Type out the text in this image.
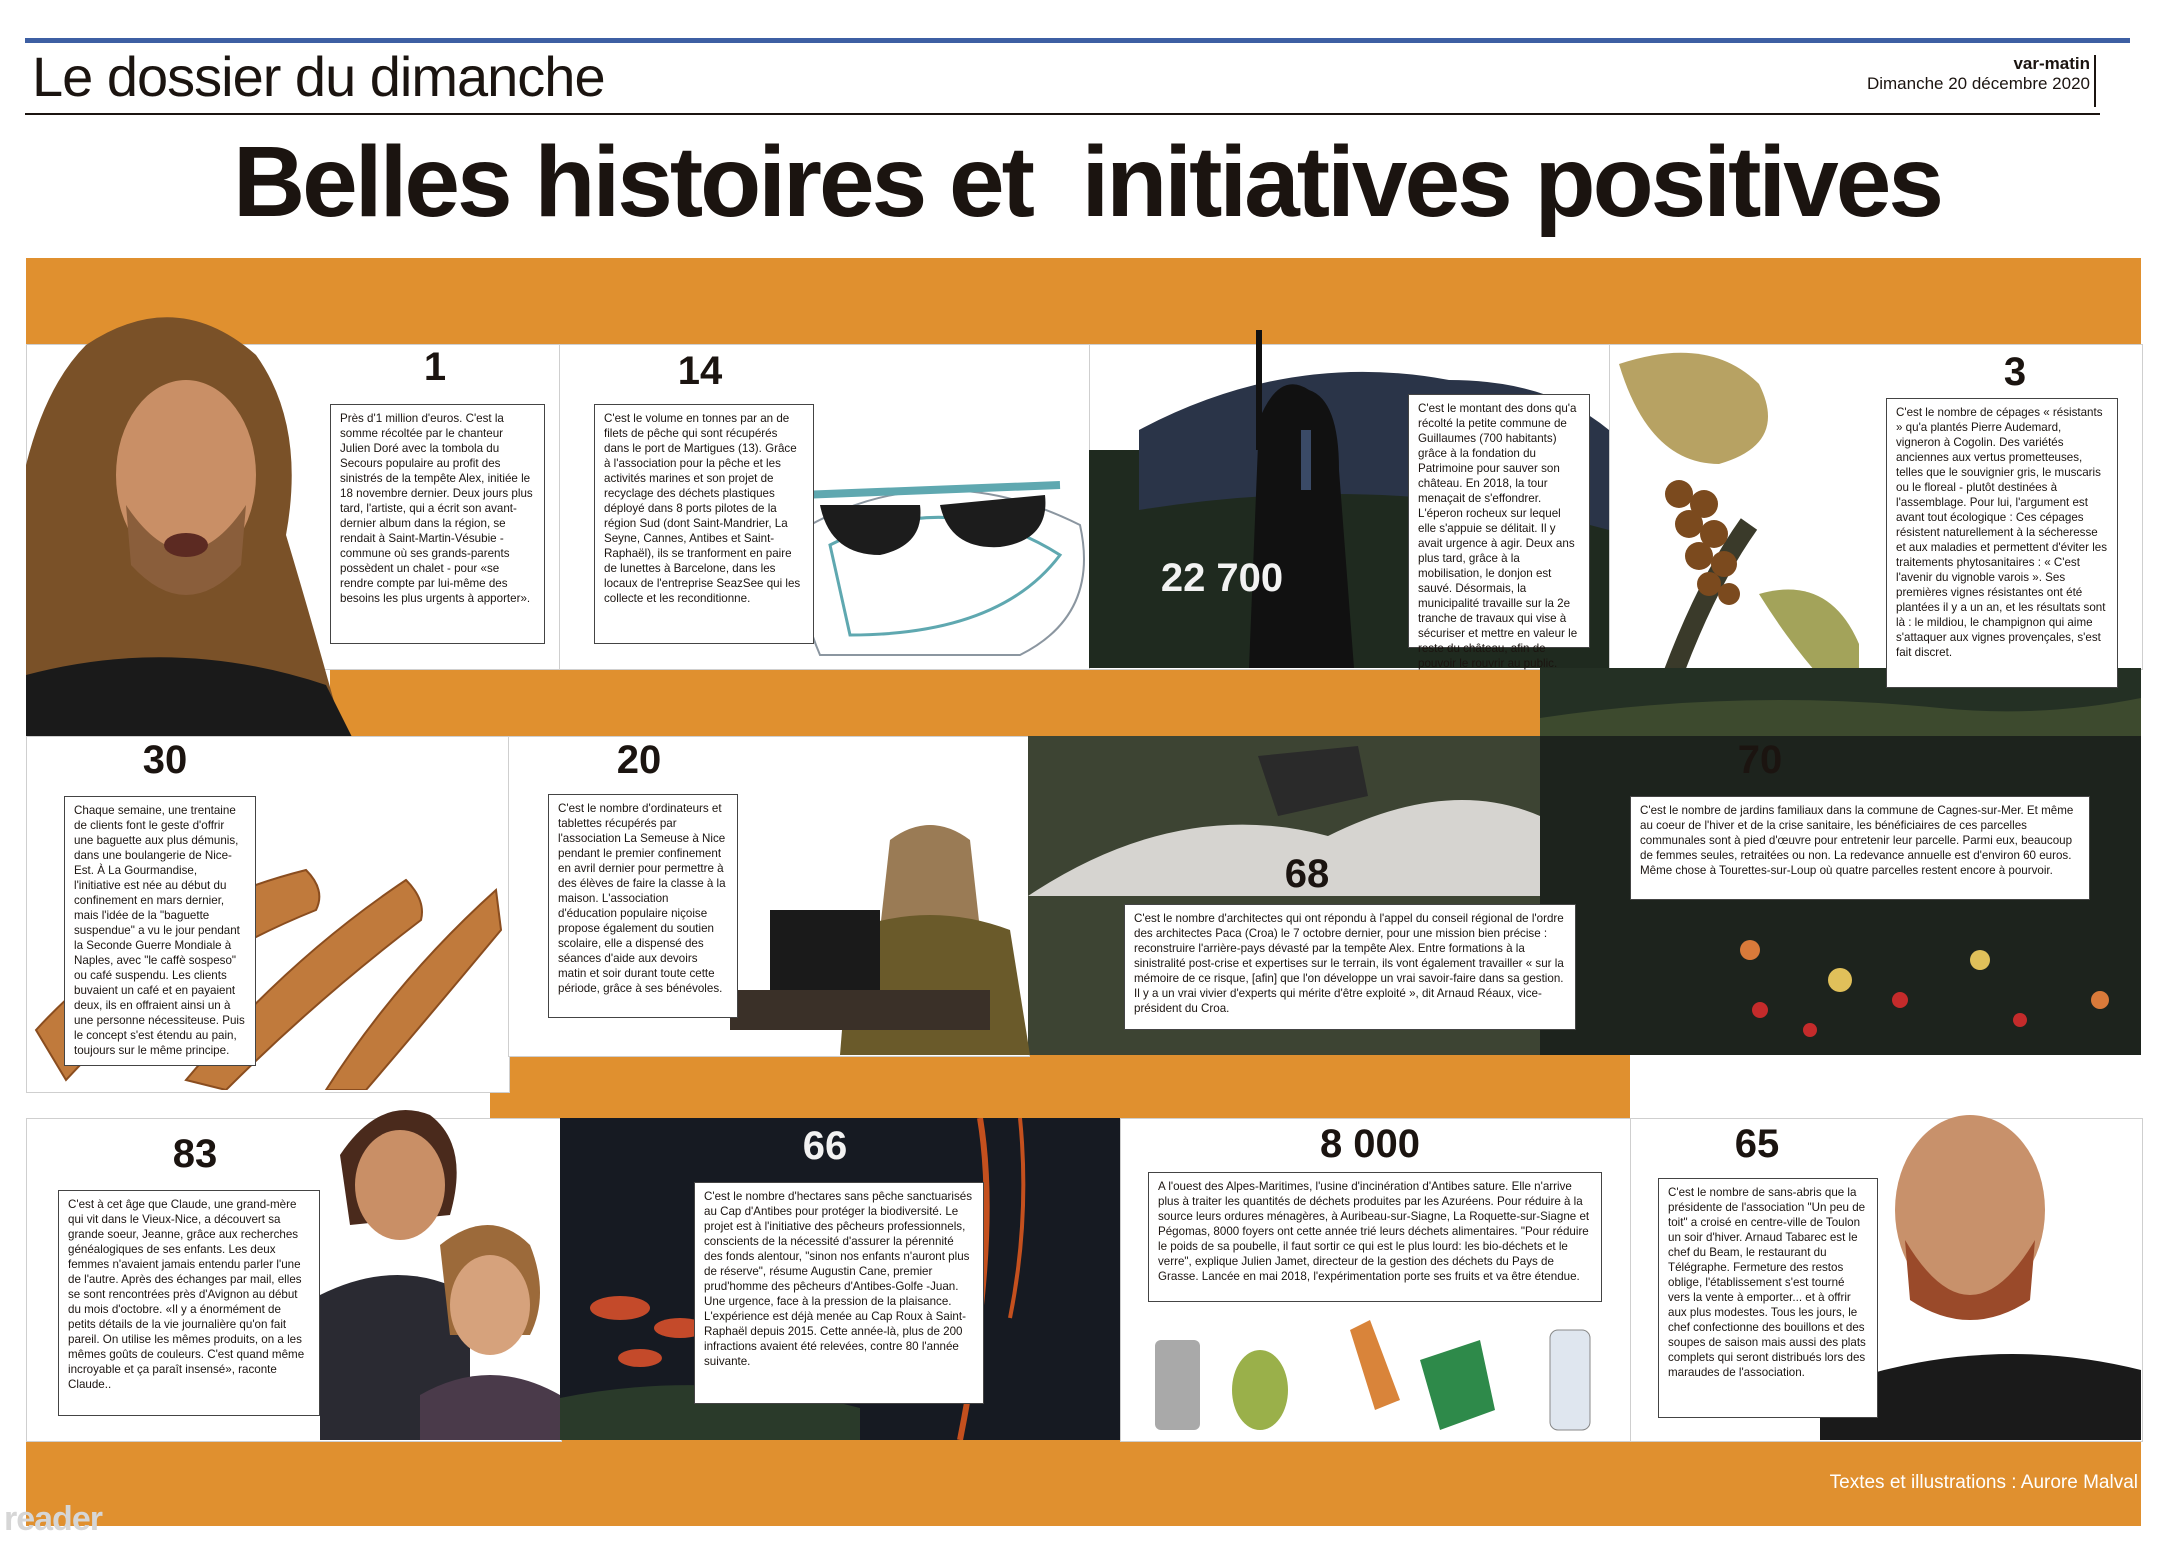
Le dossier du dimanche	var-matin
Dimanche 20 décembre 2020
Belles histoires et  initiatives positives
1
Près d'1 million d'euros. C'est la somme récoltée par le chanteur Julien Doré avec la tombola du Secours populaire au profit des sinistrés de la tempête Alex, initiée le 18 novembre dernier. Deux jours plus tard, l'artiste, qui a écrit son avant-dernier album dans la région, se rendait à Saint-Martin-Vésubie - commune où ses grands-parents possèdent un chalet - pour «se rendre compte par lui-même des besoins les plus urgents à apporter».
14
C'est le volume en tonnes par an de filets de pêche qui sont récupérés dans le port de Martigues (13). Grâce à l'association pour la pêche et les activités marines et son projet de recyclage des déchets plastiques déployé dans 8 ports pilotes de la région Sud (dont Saint-Mandrier, La Seyne, Cannes, Antibes et Saint-Raphaël), ils se tranforment en paire de lunettes à Barcelone, dans les locaux de l'entreprise SeazSee qui les collecte et les reconditionne.	22 700
C'est le montant des dons qu'a récolté la petite commune de Guillaumes (700 habitants) grâce à la fondation du Patrimoine pour sauver son château. En 2018, la tour menaçait de s'effondrer. L'éperon rocheux sur lequel elle s'appuie se délitait. Il y avait urgence à agir. Deux ans plus tard, grâce à la mobilisation, le donjon est sauvé. Désormais, la municipalité travaille sur la 2e tranche de travaux qui vise à sécuriser et mettre en valeur le reste du château, afin de pouvoir le rouvrir au public.
3
C'est le nombre de cépages « résistants » qu'a plantés Pierre Audemard, vigneron à Cogolin. Des variétés anciennes aux vertus prometteuses, telles que le souvignier gris, le muscaris ou le floreal - plutôt destinées à l'assemblage. Pour lui, l'argument est avant tout écologique : Ces cépages résistent naturellement à la sécheresse et aux maladies et permettent d'éviter les traitements phytosanitaires : « C'est l'avenir du vignoble varois ». Ses premières vignes résistantes ont été plantées il y a un an, et les résultats sont là : le mildiou, le champignon qui aime s'attaquer aux vignes provençales, s'est fait discret.
30
Chaque semaine, une trentaine de clients font le geste d'offrir une baguette aux plus démunis, dans une boulangerie de Nice-Est. À La Gourmandise, l'initiative est née au début du confinement en mars dernier, mais l'idée de la "baguette suspendue" a vu le jour pendant la Seconde Guerre Mondiale à Naples, avec "le caffè sospeso" ou café suspendu. Les clients buvaient un café et en payaient deux, ils en offraient ainsi un à une personne nécessiteuse. Puis le concept s'est étendu au pain, toujours sur le même principe.
20
C'est le nombre d'ordinateurs et tablettes récupérés par l'association La Semeuse à Nice pendant le premier confinement en avril dernier pour permettre à des élèves de faire la classe à la maison. L'association d'éducation populaire niçoise propose également du soutien scolaire, elle a dispensé des séances d'aide aux devoirs matin et soir durant toute cette période, grâce à ses bénévoles.
68
C'est le nombre d'architectes qui ont répondu à l'appel du conseil régional de l'ordre des architectes Paca (Croa) le 7 octobre dernier, pour une mission bien précise : reconstruire l'arrière-pays dévasté par la tempête Alex. Entre formations à la sinistralité post-crise et expertises sur le terrain, ils vont également travailler « sur la mémoire de ce risque, [afin] que l'on développe un vrai savoir-faire dans sa gestion. Il y a un vrai vivier d'experts qui mérite d'être exploité », dit Arnaud Réaux, vice-président du Croa.
70
C'est le nombre de jardins familiaux dans la commune de Cagnes-sur-Mer. Et même au coeur de l'hiver et de la crise sanitaire, les bénéficiaires de ces parcelles communales sont à pied d'œuvre pour entretenir leur parcelle. Parmi eux, beaucoup de femmes seules, retraitées ou non. La redevance annuelle est d'environ 60 euros. Même chose à Tourettes-sur-Loup où quatre parcelles restent encore à pourvoir.
83
C'est à cet âge que Claude, une grand-mère qui vit dans le Vieux-Nice, a découvert sa grande soeur, Jeanne, grâce aux recherches généalogiques de ses enfants. Les deux femmes n'avaient jamais entendu parler l'une de l'autre. Après des échanges par mail, elles se sont rencontrées près d'Avignon au début du mois d'octobre. «Il y a énormément de petits détails de la vie journalière qu'on fait pareil. On utilise les mêmes produits, on a les mêmes goûts de couleurs. C'est quand même incroyable et ça paraît insensé», raconte Claude..
66
C'est le nombre d'hectares sans pêche sanctuarisés au Cap d'Antibes pour protéger la biodiversité. Le projet est à l'initiative des pêcheurs professionnels, conscients de la nécessité d'assurer la pérennité des fonds alentour, "sinon nos enfants n'auront plus de réserve", résume Augustin Cane, premier prud'homme des pêcheurs d'Antibes-Golfe -Juan. Une urgence, face à la pression de la plaisance. L'expérience est déjà menée au Cap Roux à Saint-Raphaël depuis 2015. Cette année-là, plus de 200 infractions avaient été relevées, contre 80 l'année suivante.
8 000
A l'ouest des Alpes-Maritimes, l'usine d'incinération d'Antibes sature. Elle n'arrive plus à traiter les quantités de déchets produites par les Azuréens. Pour réduire à la source leurs ordures ménagères, à Auribeau-sur-Siagne, La Roquette-sur-Siagne et Pégomas, 8000 foyers ont cette année trié leurs déchets alimentaires. "Pour réduire le poids de sa poubelle, il faut sortir ce qui est le plus lourd: les bio-déchets et le verre", explique Julien Jamet, directeur de la gestion des déchets du Pays de Grasse. Lancée en mai 2018, l'expérimentation porte ses fruits et va être étendue.
65
C'est le nombre de sans-abris que la présidente de l'association "Un peu de toit" a croisé en centre-ville de Toulon un soir d'hiver. Arnaud Tabarec est le chef du Beam, le restaurant du Télégraphe. Fermeture des restos oblige, l'établissement s'est tourné vers la vente à emporter... et à offrir aux plus modestes. Tous les jours, le chef confectionne des bouillons et des soupes de saison mais aussi des plats complets qui seront distribués lors des maraudes de l'association.
Textes et illustrations : Aurore Malval
reader
